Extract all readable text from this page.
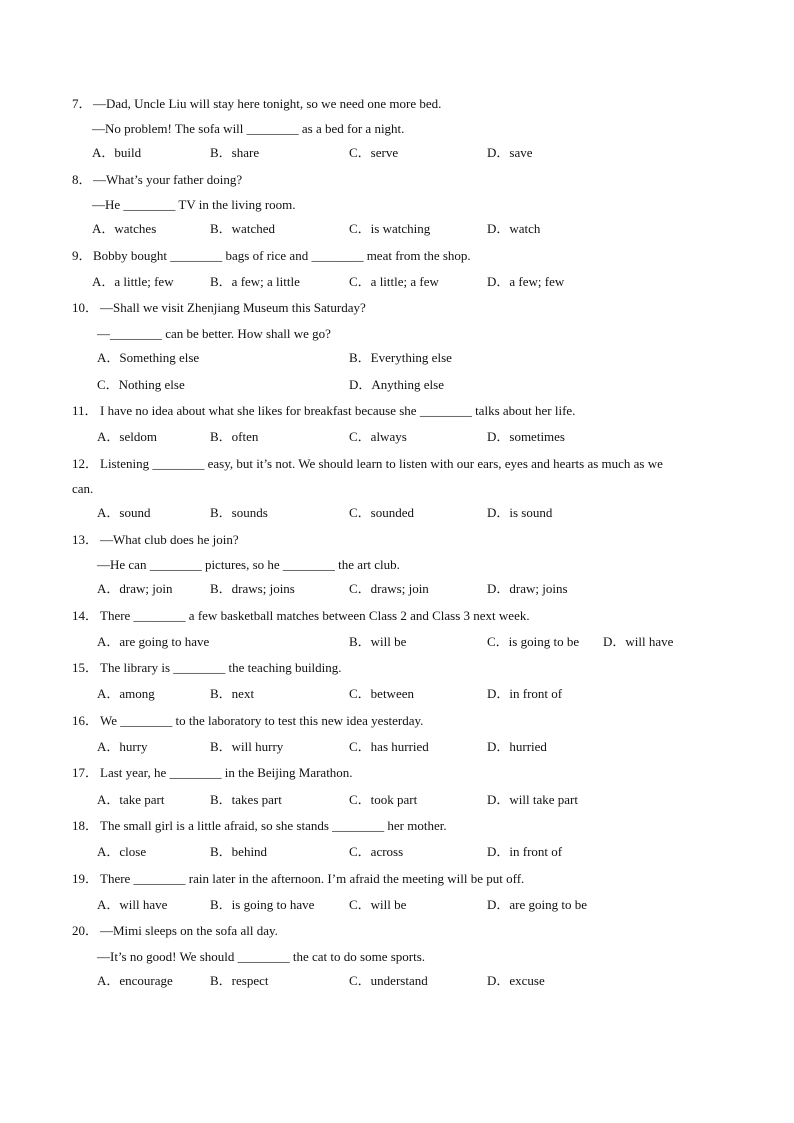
7． —Dad, Uncle Liu will stay here tonight, so we need one more bed.
—No problem! The sofa will ________ as a bed for a night.
A．build	B．share	C．serve	D．save
8． —What’s your father doing?
—He ________ TV in the living room.
A．watches	B．watched	C．is watching	D．watch
9． Bobby bought ________ bags of rice and ________ meat from the shop.
A．a little; few	B．a few; a little	C．a little; a few	D．a few; few
10． —Shall we visit Zhenjiang Museum this Saturday?
—________ can be better. How shall we go?
A．Something else	B．Everything else
C．Nothing else	D．Anything else
11． I have no idea about what she likes for breakfast because she ________ talks about her life.
A．seldom	B．often	C．always	D．sometimes
12． Listening ________ easy, but it’s not. We should learn to listen with our ears, eyes and hearts as much as we
can.
A．sound	B．sounds	C．sounded	D．is sound
13． —What club does he join?
—He can ________ pictures, so he ________ the art club.
A．draw; join	B．draws; joins	C．draws; join	D．draw; joins
14． There ________ a few basketball matches between Class 2 and Class 3 next week.
A．are going to have	B．will be	C．is going to be D．will have
15． The library is ________ the teaching building.
A．among	B．next	C．between	D．in front of
16． We ________ to the laboratory to test this new idea yesterday.
A．hurry	B．will hurry	C．has hurried	D．hurried
17． Last year, he ________ in the Beijing Marathon.
A．take part	B．takes part	C．took part	D．will take part
18． The small girl is a little afraid, so she stands ________ her mother.
A．close	B．behind	C．across	D．in front of
19． There ________ rain later in the afternoon. I’m afraid the meeting will be put off.
A．will have	B．is going to have	C．will be	D．are going to be
20． —Mimi sleeps on the sofa all day.
—It’s no good! We should ________ the cat to do some sports.
A．encourage	B．respect	C．understand	D．excuse
